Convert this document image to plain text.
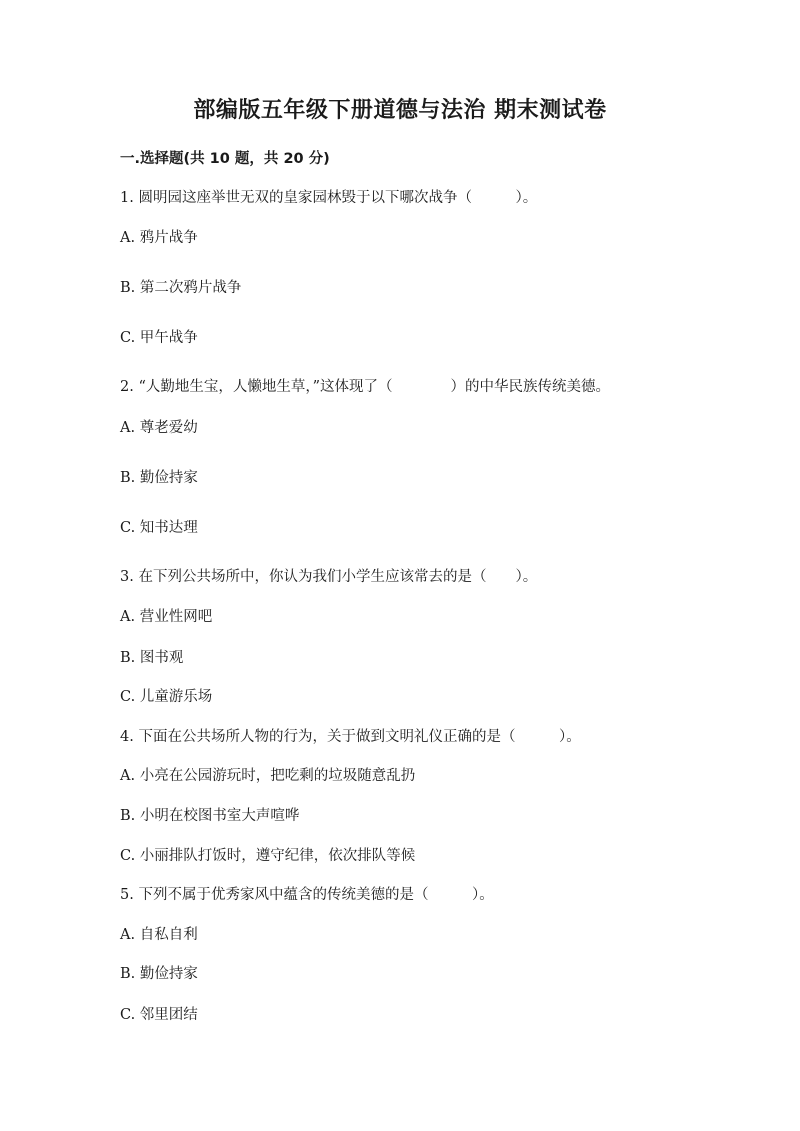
部编版五年级下册道德与法治 期末测试卷
一.选择题(共 10 题，共 20 分)
1. 圆明园这座举世无双的皇家园林毁于以下哪次战争（　　　）。
A. 鸦片战争
B. 第二次鸦片战争
C. 甲午战争
2. “人勤地生宝，人懒地生草，”这体现了（　　　　）的中华民族传统美德。
A. 尊老爱幼
B. 勤俭持家
C. 知书达理
3. 在下列公共场所中，你认为我们小学生应该常去的是（　　）。
A. 营业性网吧
B. 图书观
C. 儿童游乐场
4. 下面在公共场所人物的行为，关于做到文明礼仪正确的是（　　　）。
A. 小亮在公园游玩时，把吃剩的垃圾随意乱扔
B. 小明在校图书室大声喧哗
C. 小丽排队打饭时，遵守纪律，依次排队等候
5. 下列不属于优秀家风中蕴含的传统美德的是（　　　）。
A. 自私自利
B. 勤俭持家
C. 邻里团结
